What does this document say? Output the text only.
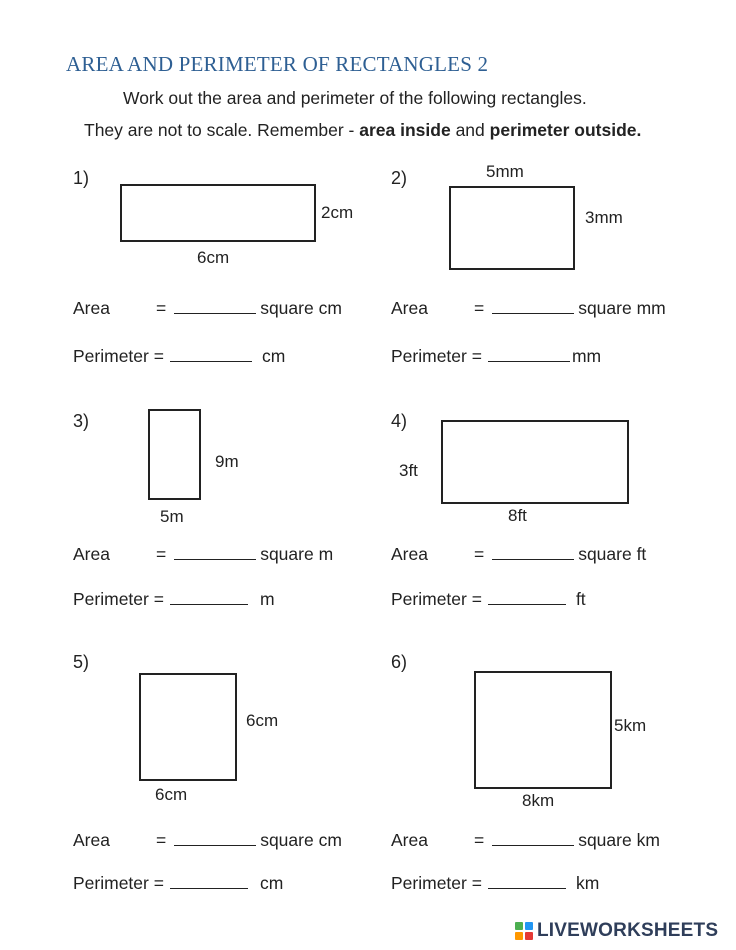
AREA AND PERIMETER OF RECTANGLES 2
Work out the area and perimeter of the following rectangles.
They are not to scale. Remember - area inside and perimeter outside.
1)
2cm
6cm
Area	=	square cm
Perimeter =	cm
2)	5mm
3mm
Area	=	square mm
Perimeter =	mm
3)
9m
5m
Area	=	square m
Perimeter =	m
4)
3ft
8ft
Area	=	square ft
Perimeter =	ft
5)
6cm
6cm
Area	=	square cm
Perimeter =	cm
6)
5km
8km
Area	=	square km
Perimeter =	km
LIVEWORKSHEETS
